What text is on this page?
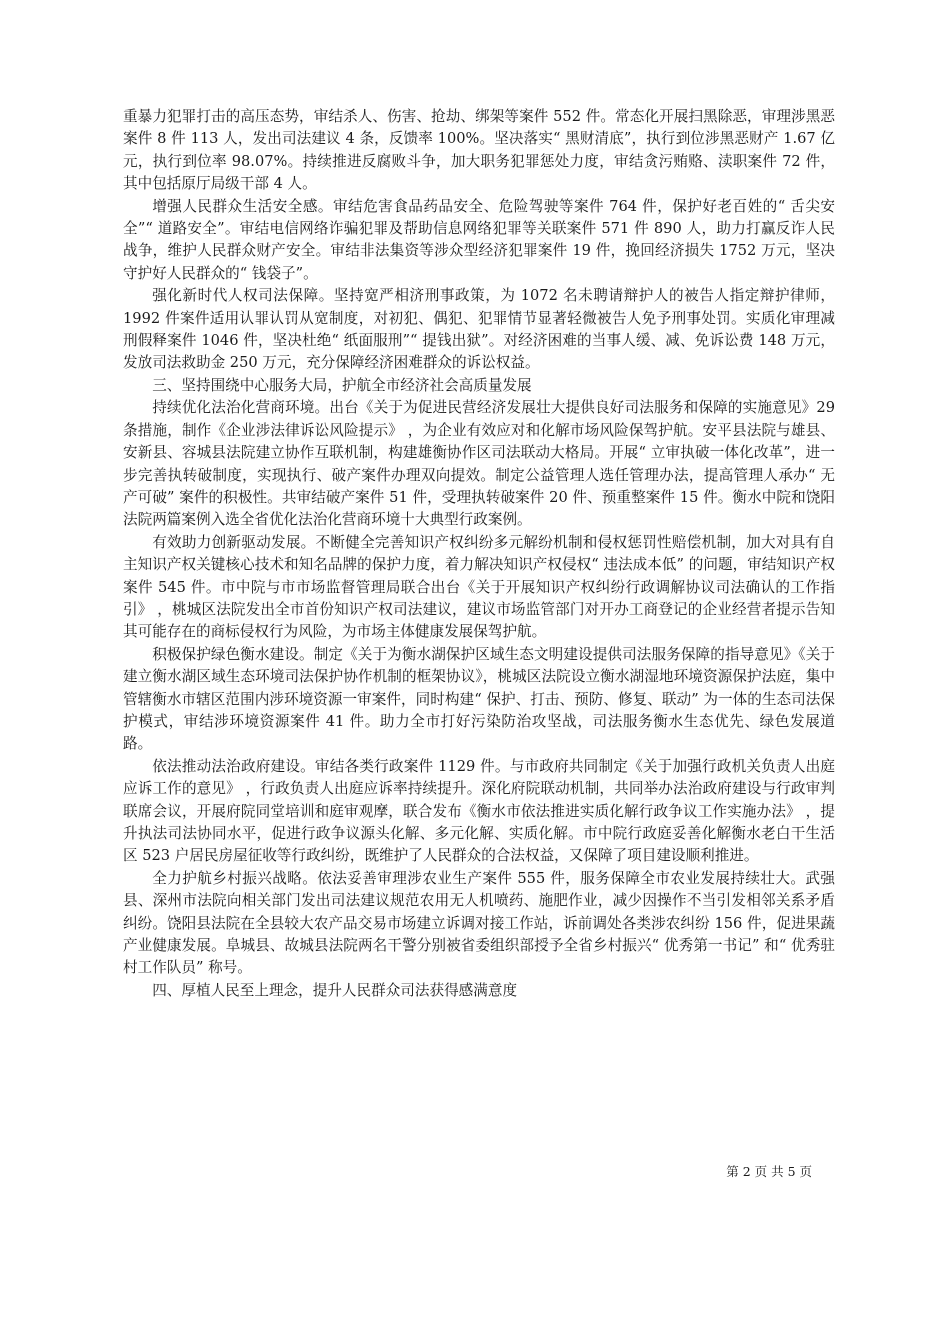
重暴力犯罪打击的高压态势，审结杀人、伤害、抢劫、绑架等案件 552 件。常态化开展扫黑除恶，审理涉黑恶案件 8 件 113 人，发出司法建议 4 条，反馈率 100%。坚决落实“ 黑财清底”，执行到位涉黑恶财产 1.67 亿元，执行到位率 98.07%。持续推进反腐败斗争，加大职务犯罪惩处力度，审结贪污贿赂、渎职案件 72 件，其中包括原厅局级干部 4 人。

增强人民群众生活安全感。审结危害食品药品安全、危险驾驶等案件 764 件，保护好老百姓的“ 舌尖安全”“ 道路安全”。审结电信网络诈骗犯罪及帮助信息网络犯罪等关联案件 571 件 890 人，助力打赢反诈人民战争，维护人民群众财产安全。审结非法集资等涉众型经济犯罪案件 19 件，挽回经济损失 1752 万元，坚决守护好人民群众的“ 钱袋子”。

强化新时代人权司法保障。坚持宽严相济刑事政策，为 1072 名未聘请辩护人的被告人指定辩护律师，1992 件案件适用认罪认罚从宽制度，对初犯、偶犯、犯罪情节显著轻微被告人免予刑事处罚。实质化审理减刑假释案件 1046 件，坚决杜绝“ 纸面服刑”“ 提钱出狱”。对经济困难的当事人缓、减、免诉讼费 148 万元，发放司法救助金 250 万元，充分保障经济困难群众的诉讼权益。

三、坚持围绕中心服务大局，护航全市经济社会高质量发展

持续优化法治化营商环境。出台《关于为促进民营经济发展壮大提供良好司法服务和保障的实施意见》29 条措施，制作《企业涉法律诉讼风险提示》 ，为企业有效应对和化解市场风险保驾护航。安平县法院与雄县、安新县、容城县法院建立协作互联机制，构建雄衡协作区司法联动大格局。开展“ 立审执破一体化改革”，进一步完善执转破制度，实现执行、破产案件办理双向提效。制定公益管理人选任管理办法，提高管理人承办“ 无产可破” 案件的积极性。共审结破产案件 51 件，受理执转破案件 20 件、预重整案件 15 件。衡水中院和饶阳法院两篇案例入选全省优化法治化营商环境十大典型行政案例。

有效助力创新驱动发展。不断健全完善知识产权纠纷多元解纷机制和侵权惩罚性赔偿机制，加大对具有自主知识产权关键核心技术和知名品牌的保护力度，着力解决知识产权侵权“ 违法成本低” 的问题，审结知识产权案件 545 件。市中院与市市场监督管理局联合出台《关于开展知识产权纠纷行政调解协议司法确认的工作指引》 ，桃城区法院发出全市首份知识产权司法建议，建议市场监管部门对开办工商登记的企业经营者提示告知其可能存在的商标侵权行为风险，为市场主体健康发展保驾护航。

积极保护绿色衡水建设。制定《关于为衡水湖保护区域生态文明建设提供司法服务保障的指导意见》《关于建立衡水湖区域生态环境司法保护协作机制的框架协议》，桃城区法院设立衡水湖湿地环境资源保护法庭，集中管辖衡水市辖区范围内涉环境资源一审案件，同时构建“ 保护、打击、预防、修复、联动” 为一体的生态司法保护模式，审结涉环境资源案件 41 件。助力全市打好污染防治攻坚战，司法服务衡水生态优先、绿色发展道路。

依法推动法治政府建设。审结各类行政案件 1129 件。与市政府共同制定《关于加强行政机关负责人出庭应诉工作的意见》 ，行政负责人出庭应诉率持续提升。深化府院联动机制，共同举办法治政府建设与行政审判联席会议，开展府院同堂培训和庭审观摩，联合发布《衡水市依法推进实质化解行政争议工作实施办法》 ，提升执法司法协同水平，促进行政争议源头化解、多元化解、实质化解。市中院行政庭妥善化解衡水老白干生活区 523 户居民房屋征收等行政纠纷，既维护了人民群众的合法权益，又保障了项目建设顺利推进。

全力护航乡村振兴战略。依法妥善审理涉农业生产案件 555 件，服务保障全市农业发展持续壮大。武强县、深州市法院向相关部门发出司法建议规范农用无人机喷药、施肥作业，减少因操作不当引发相邻关系矛盾纠纷。饶阳县法院在全县较大农产品交易市场建立诉调对接工作站，诉前调处各类涉农纠纷 156 件，促进果蔬产业健康发展。阜城县、故城县法院两名干警分别被省委组织部授予全省乡村振兴“ 优秀第一书记” 和“ 优秀驻村工作队员” 称号。

四、厚植人民至上理念，提升人民群众司法获得感满意度

第 2 页 共 5 页
